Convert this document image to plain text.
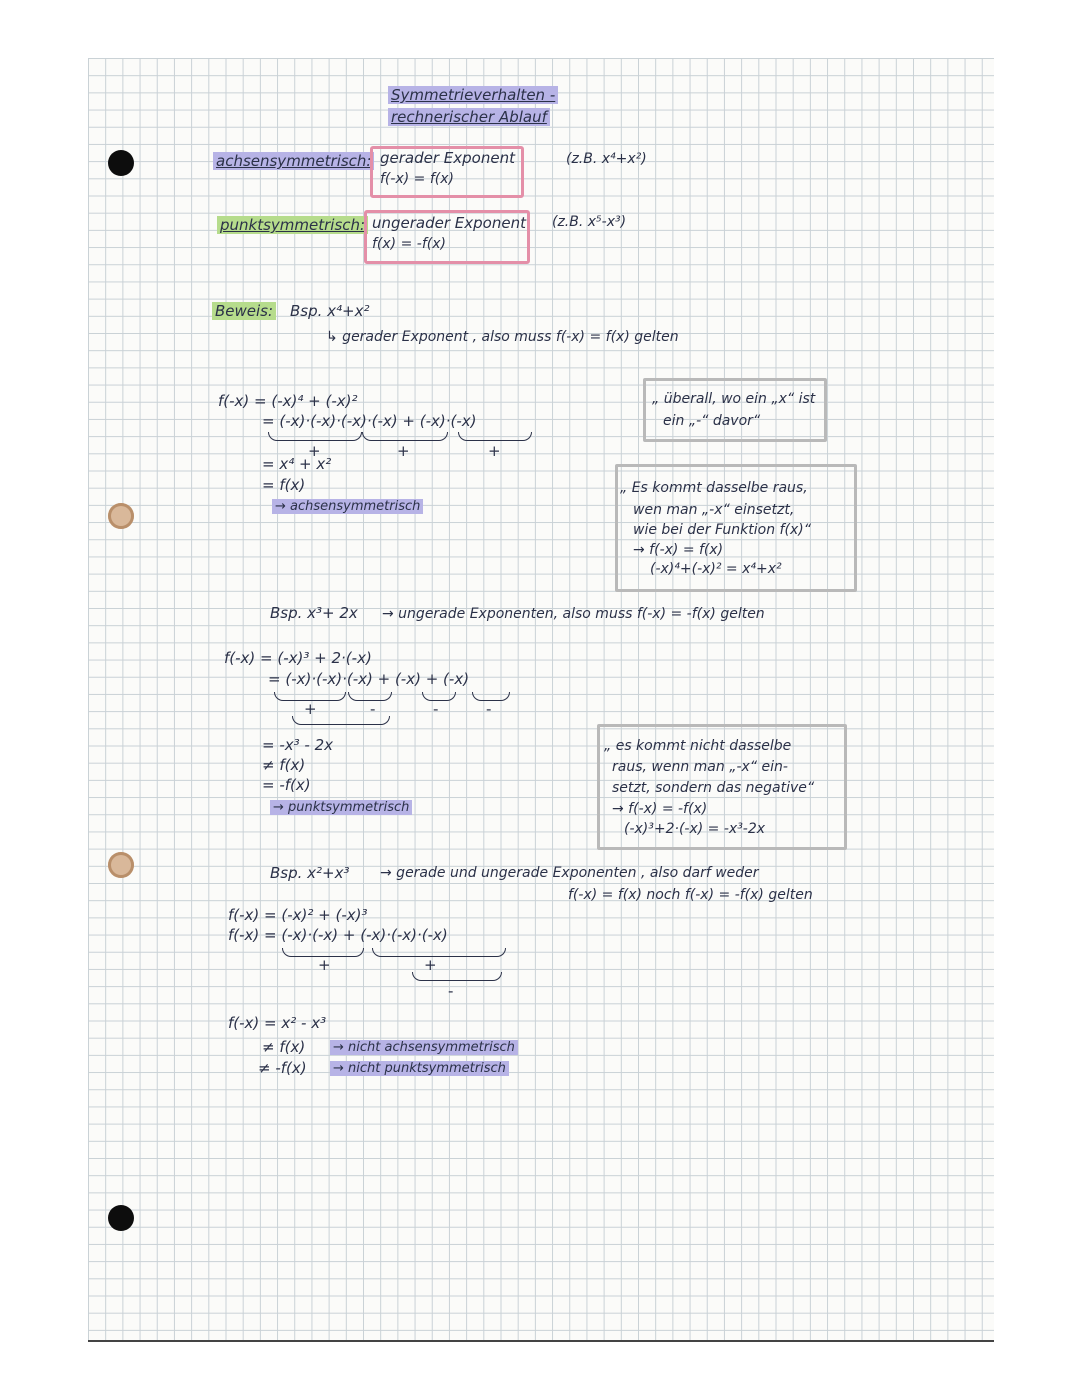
Symmetrieverhalten -
rechnerischer Ablauf
achsensymmetrisch: gerader Exponent
f(-x) = f(x)
(z.B. x⁴+x²)
punktsymmetrisch: ungerader Exponent
f(x) = -f(x)
(z.B. x⁵-x³)
Beweis: Bsp. x⁴+x²
↳ gerader Exponent , also muss f(-x) = f(x) gelten
f(-x) = (-x)⁴ + (-x)²
= (-x)·(-x)·(-x)·(-x) + (-x)·(-x)
+	+	+
= x⁴ + x²
= f(x)
→ achsensymmetrisch
„ überall, wo ein „x“ ist
ein „-“ davor“
„ Es kommt dasselbe raus,
wen man „-x“ einsetzt,
wie bei der Funktion f(x)“
→ f(-x) = f(x)
(-x)⁴+(-x)² = x⁴+x²
Bsp. x³+ 2x → ungerade Exponenten, also muss f(-x) = -f(x) gelten
f(-x) = (-x)³ + 2·(-x)
= (-x)·(-x)·(-x) + (-x) + (-x)
+	-	-	-
= -x³ - 2x
≠ f(x)
= -f(x)
→ punktsymmetrisch
„ es kommt nicht dasselbe
raus, wenn man „-x“ ein-
setzt, sondern das negative“
→ f(-x) = -f(x)
(-x)³+2·(-x) = -x³-2x
Bsp. x²+x³ → gerade und ungerade Exponenten , also darf weder
f(-x) = f(x) noch f(-x) = -f(x) gelten
f(-x) = (-x)² + (-x)³
f(-x) = (-x)·(-x) + (-x)·(-x)·(-x)
+	+
-
f(-x) = x² - x³
≠ f(x) → nicht achsensymmetrisch
≠ -f(x) → nicht punktsymmetrisch
